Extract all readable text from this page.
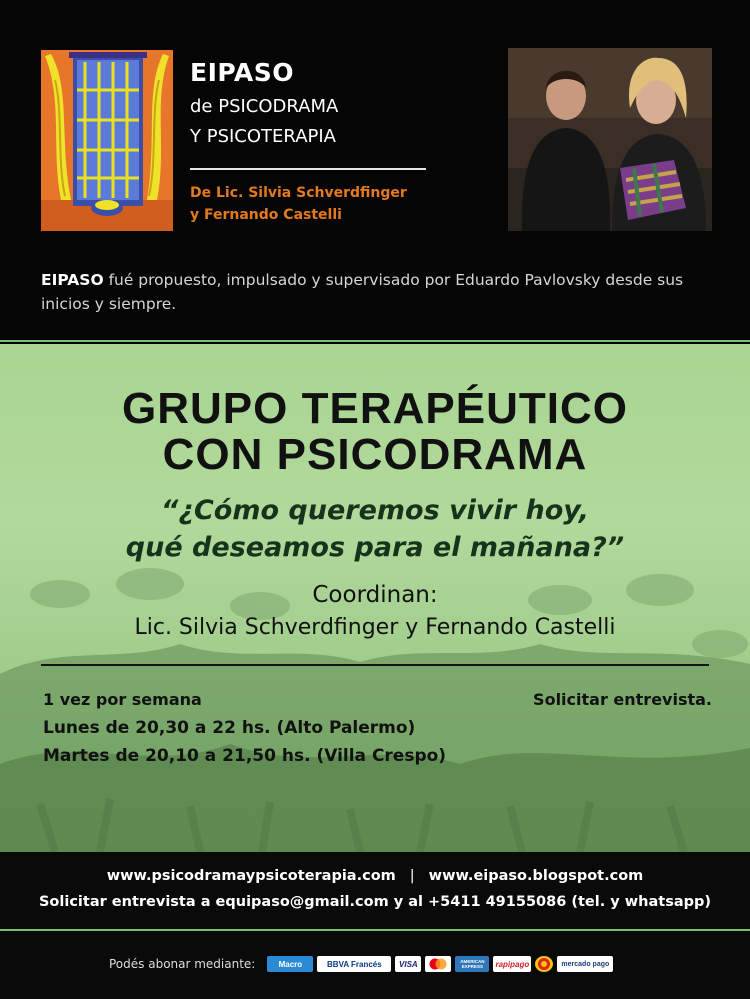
EIPASO
de PSICODRAMA
Y PSICOTERAPIA
De Lic. Silvia Schverdfinger
y Fernando Castelli
EIPASO fué propuesto, impulsado y supervisado por Eduardo Pavlovsky desde sus inicios y siempre.
GRUPO TERAPÉUTICO
CON PSICODRAMA
“¿Cómo queremos vivir hoy,
qué deseamos para el mañana?”
Coordinan:
Lic. Silvia Schverdfinger y Fernando Castelli
1 vez por semana
Lunes de 20,30 a 22 hs. (Alto Palermo)
Martes de 20,10 a 21,50 hs. (Villa Crespo)
Solicitar entrevista.
www.psicodramaypsicoterapia.com | www.eipaso.blogspot.com
Solicitar entrevista a equipaso@gmail.com y al +5411 49155086 (tel. y whatsapp)
Podés abonar mediante:	Macro	BBVA Francés	VISA	AMERICAN EXPRESS	rapipago	mercado pago
